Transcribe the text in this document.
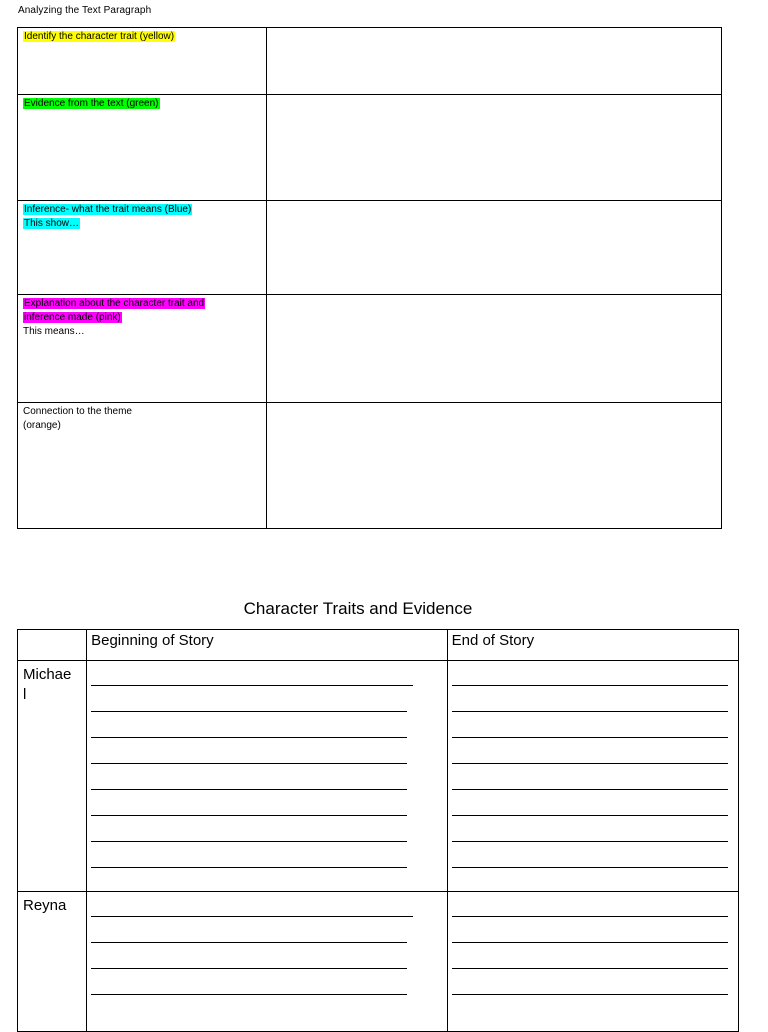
Analyzing the Text Paragraph
Identify the character trait (yellow)	
Evidence from the text (green)	
Inference- what the trait means (Blue)
This show…	
Explanation about the character trait and
inference made (pink)
This means…	
Connection to the theme
(orange)	
Character Traits and Evidence
	Beginning of Story	End of Story
Michae
l	

Reyna
